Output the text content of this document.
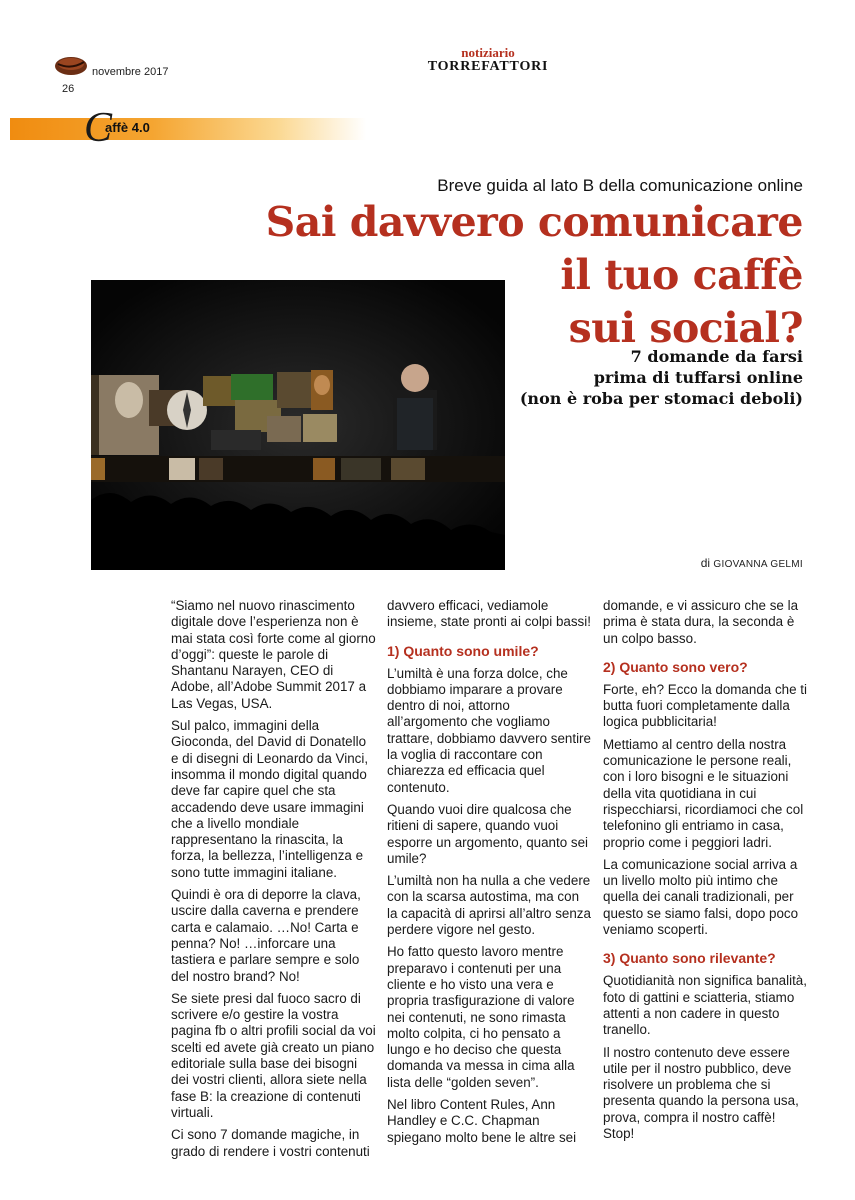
novembre 2017
26
notiziario
TORREFATTORI
C
affè 4.0
Breve guida al lato B della comunicazione online
Sai davvero comunicare
il tuo caffè
sui social?
7 domande da farsi
prima di tuffarsi online
(non è roba per stomaci deboli)
di GIOVANNA GELMI

“Siamo nel nuovo rinascimento digitale dove l’esperienza non è mai stata così forte come al giorno d’oggi”: queste le parole di Shantanu Narayen, CEO di Adobe, all’Adobe Summit 2017 a Las Vegas, USA.

Sul palco, immagini della Gioconda, del David di Donatello e di disegni di Leonardo da Vinci, insomma il mondo digital quando deve far capire quel che sta accadendo deve usare immagini che a livello mondiale rappresentano la rinascita, la forza, la bellezza, l’intelligenza e sono tutte immagini italiane.

Quindi è ora di deporre la clava, uscire dalla caverna e prendere carta e calamaio. …No! Carta e penna? No! …inforcare una tastiera e parlare sempre e solo del nostro brand? No!

Se siete presi dal fuoco sacro di scrivere e/o gestire la vostra pagina fb o altri profili social da voi scelti ed avete già creato un piano editoriale sulla base dei bisogni dei vostri clienti, allora siete nella fase B: la creazione di contenuti virtuali.

Ci sono 7 domande magiche, in grado di rendere i vostri contenuti

davvero efficaci, vediamole insieme, state pronti ai colpi bassi!

1) Quanto sono umile?

L’umiltà è una forza dolce, che dobbiamo imparare a provare dentro di noi, attorno all’argomento che vogliamo trattare, dobbiamo davvero sentire la voglia di raccontare con chiarezza ed efficacia quel contenuto.

Quando vuoi dire qualcosa che ritieni di sapere, quando vuoi esporre un argomento, quanto sei umile?

L’umiltà non ha nulla a che vedere con la scarsa autostima, ma con la capacità di aprirsi all’altro senza perdere vigore nel gesto.

Ho fatto questo lavoro mentre preparavo i contenuti per una cliente e ho visto una vera e propria trasfigurazione di valore nei contenuti, ne sono rimasta molto colpita, ci ho pensato a lungo e ho deciso che questa domanda va messa in cima alla lista delle “golden seven”.

Nel libro Content Rules, Ann Handley e C.C. Chapman spiegano molto bene le altre sei

domande, e vi assicuro che se la prima è stata dura, la seconda è un colpo basso.

2) Quanto sono vero?

Forte, eh? Ecco la domanda che ti butta fuori completamente dalla logica pubblicitaria!

Mettiamo al centro della nostra comunicazione le persone reali, con i loro bisogni e le situazioni della vita quotidiana in cui rispecchiarsi, ricordiamoci che col telefonino gli entriamo in casa, proprio come i peggiori ladri.

La comunicazione social arriva a un livello molto più intimo che quella dei canali tradizionali, per questo se siamo falsi, dopo poco veniamo scoperti.

3) Quanto sono rilevante?

Quotidianità non significa banalità, foto di gattini e sciatteria, stiamo attenti a non cadere in questo tranello.

Il nostro contenuto deve essere utile per il nostro pubblico, deve risolvere un problema che si presenta quando la persona usa, prova, compra il nostro caffè! Stop!
